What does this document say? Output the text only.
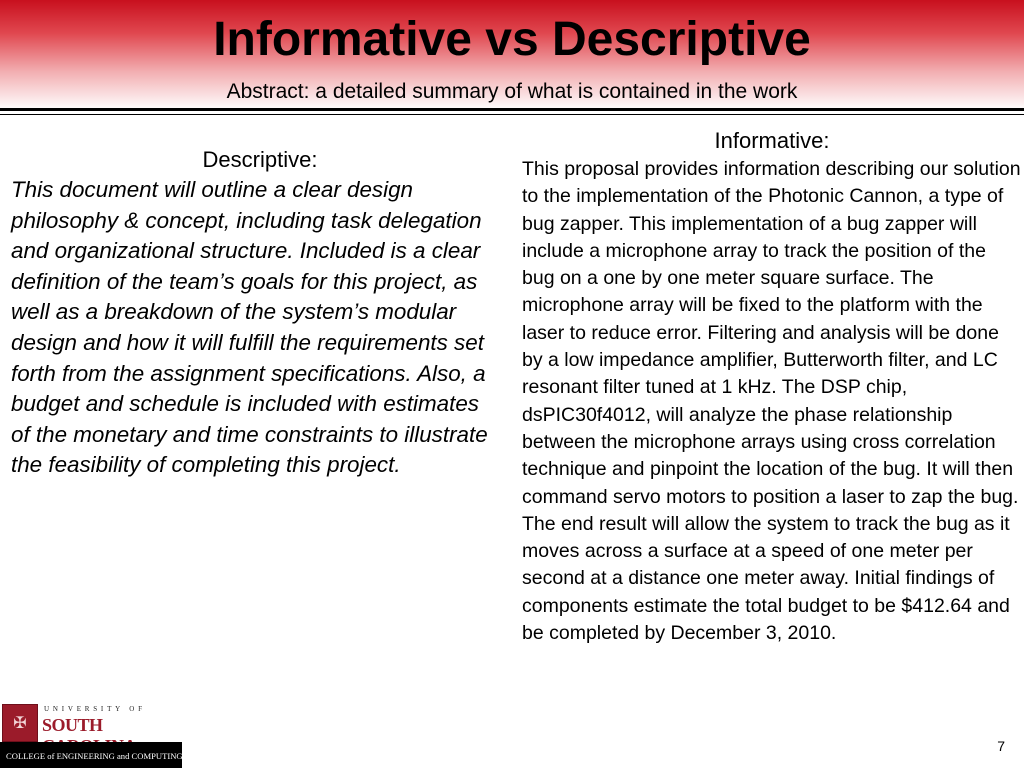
Informative vs Descriptive
Abstract: a detailed summary of what is contained in the work
Descriptive:
This document will outline a clear design philosophy & concept, including task delegation and organizational structure. Included is a clear definition of the team’s goals for this project, as well as a breakdown of the system’s modular design and how it will fulfill the requirements set forth from the assignment specifications. Also, a budget and schedule is included with estimates of the monetary and time constraints to illustrate the feasibility of completing this project.
Informative:
This proposal provides information describing our solution to the implementation of the Photonic Cannon, a type of bug zapper. This implementation of a bug zapper will include a microphone array to track the position of the bug on a one by one meter square surface. The microphone array will be fixed to the platform with the laser to reduce error. Filtering and analysis will be done by a low impedance amplifier, Butterworth filter, and LC resonant filter tuned at 1 kHz. The DSP chip, dsPIC30f4012, will analyze the phase relationship between the microphone arrays using cross correlation technique and pinpoint the location of the bug. It will then command servo motors to position a laser to zap the bug. The end result will allow the system to track the bug as it moves across a surface at a speed of one meter per second at a distance one meter away. Initial findings of components estimate the total budget to be $412.64 and be completed by December 3, 2010.
✠
UNIVERSITY OF
SOUTH
COLLEGE of ENGINEERING and COMPUTING
7
